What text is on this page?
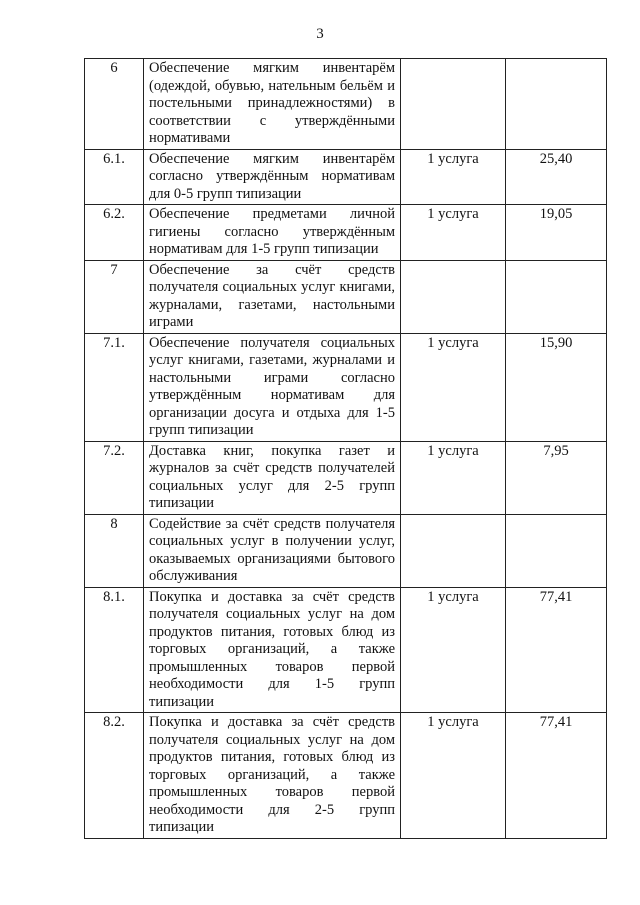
3
6	Обеспечение мягким инвентарём (одеждой, обувью, нательным бельём и постельными принадлежностями) в соответствии с утверждёнными нормативами		
6.1.	Обеспечение мягким инвентарём согласно утверждённым нормативам для 0-5 групп типизации	1 услуга	25,40
6.2.	Обеспечение предметами личной гигиены согласно утверждённым нормативам для 1-5 групп типизации	1 услуга	19,05
7	Обеспечение за счёт средств получателя социальных услуг книгами, журналами, газетами, настольными играми		
7.1.	Обеспечение получателя социальных услуг книгами, газетами, журналами и настольными играми согласно утверждённым нормативам для организации досуга и отдыха для 1-5 групп типизации	1 услуга	15,90
7.2.	Доставка книг, покупка газет и журналов за счёт средств получателей социальных услуг для 2-5 групп типизации	1 услуга	7,95
8	Содействие за счёт средств получателя социальных услуг в получении услуг, оказываемых организациями бытового обслуживания		
8.1.	Покупка и доставка за счёт средств получателя социальных услуг на дом продуктов питания, готовых блюд из торговых организаций, а также промышленных товаров первой необходимости для 1-5 групп типизации	1 услуга	77,41
8.2.	Покупка и доставка за счёт средств получателя социальных услуг на дом продуктов питания, готовых блюд из торговых организаций, а также промышленных товаров первой необходимости для 2-5 групп типизации	1 услуга	77,41
